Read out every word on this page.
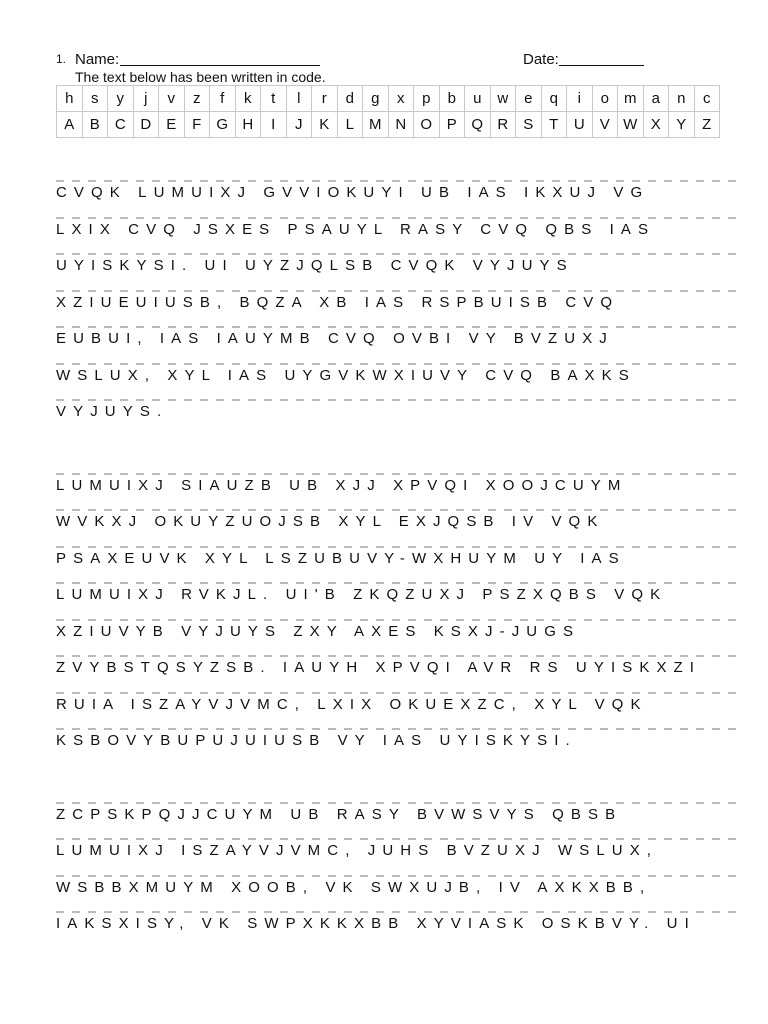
1. Name:	Date:
The text below has been written in code.
h	s	y	j	v	z	f	k	t	l	r	d	g	x	p	b	u	w	e	q	i	o	m	a	n	c
A	B	C	D	E	F	G	H	I	J	K	L	M	N	O	P	Q	R	S	T	U	V	W	X	Y	Z
CVQK LUMUIXJ GVVIOKUYI UB IAS IKXUJ VG
LXIX CVQ JSXES PSAUYL RASY CVQ QBS IAS
UYISKYSI. UI UYZJQLSB CVQK VYJUYS
XZIUEUIUSB, BQZA XB IAS RSPBUISB CVQ
EUBUI, IAS IAUYMB CVQ OVBI VY BVZUXJ
WSLUX, XYL IAS UYGVKWXIUVY CVQ BAXKS
VYJUYS.
LUMUIXJ SIAUZB UB XJJ XPVQI XOOJCUYM
WVKXJ OKUYZUOJSB XYL EXJQSB IV VQK
PSAXEUVK XYL LSZUBUVY-WXHUYM UY IAS
LUMUIXJ RVKJL. UI'B ZKQZUXJ PSZXQBS VQK
XZIUVYB VYJUYS ZXY AXES KSXJ-JUGS
ZVYBSTQSYZSB. IAUYH XPVQI AVR RS UYISKXZI
RUIA ISZAYVJVMC, LXIX OKUEXZC, XYL VQK
KSBOVYBUPUJUIUSB VY IAS UYISKYSI.
ZCPSKPQJJCUYM UB RASY BVWSVYS QBSB
LUMUIXJ ISZAYVJVMC, JUHS BVZUXJ WSLUX,
WSBBXMUYM XOOB, VK SWXUJB, IV AXKXBB,
IAKSXISY, VK SWPXKKXBB XYVIASK OSKBVY. UI
